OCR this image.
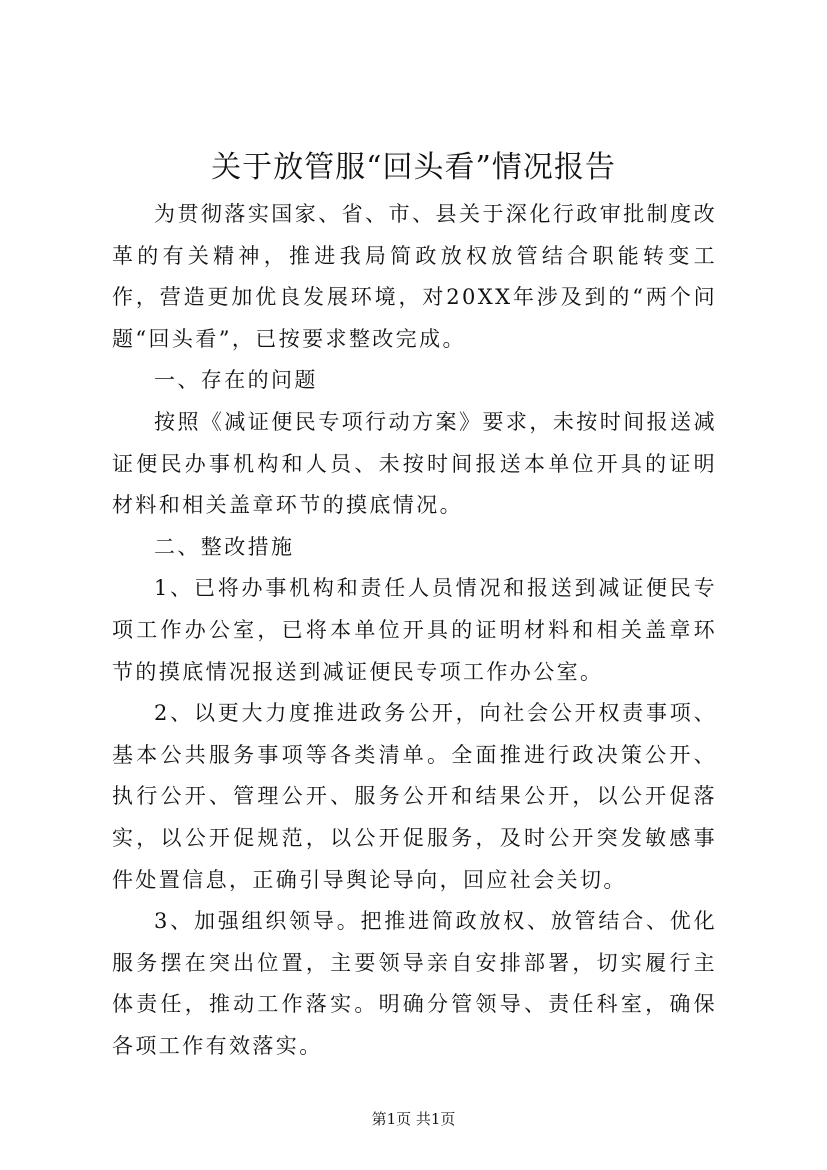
关于放管服“回头看”情况报告

为贯彻落实国家、省、市、县关于深化行政审批制度改革的有关精神，推进我局简政放权放管结合职能转变工作，营造更加优良发展环境，对20XX年涉及到的“两个问题“回头看”，已按要求整改完成。

一、存在的问题

按照《减证便民专项行动方案》要求，未按时间报送减证便民办事机构和人员、未按时间报送本单位开具的证明材料和相关盖章环节的摸底情况。

二、整改措施

1、已将办事机构和责任人员情况和报送到减证便民专项工作办公室，已将本单位开具的证明材料和相关盖章环节的摸底情况报送到减证便民专项工作办公室。

2、以更大力度推进政务公开，向社会公开权责事项、基本公共服务事项等各类清单。全面推进行政决策公开、执行公开、管理公开、服务公开和结果公开，以公开促落实，以公开促规范，以公开促服务，及时公开突发敏感事件处置信息，正确引导舆论导向，回应社会关切。

3、加强组织领导。把推进简政放权、放管结合、优化服务摆在突出位置，主要领导亲自安排部署，切实履行主体责任，推动工作落实。明确分管领导、责任科室，确保各项工作有效落实。

第1页 共1页
